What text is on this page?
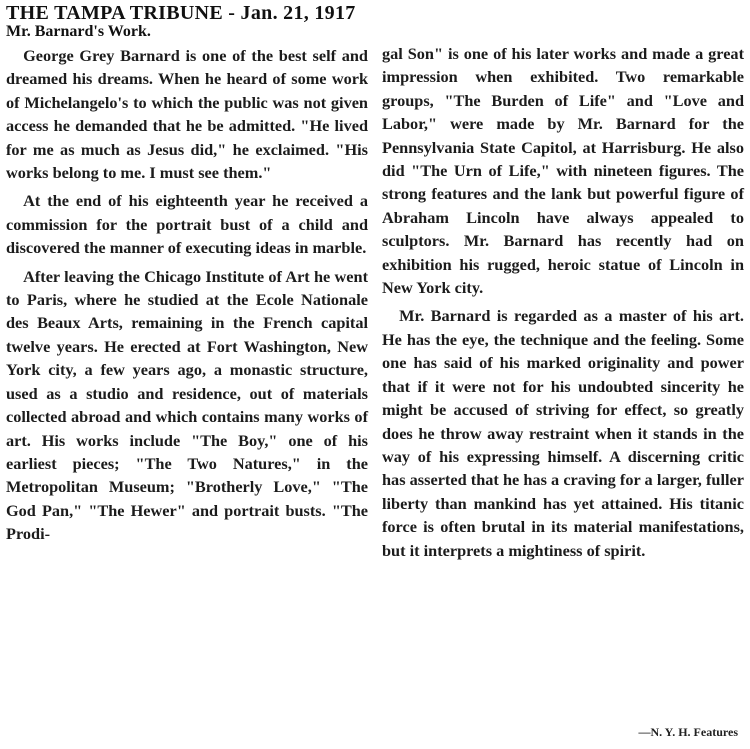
THE TAMPA TRIBUNE - Jan. 21, 1917
Mr. Barnard's Work.

George Grey Barnard is one of the best self and dreamed his dreams. When he heard of some work of Michelangelo's to which the public was not given access he demanded that he be admitted. "He lived for me as much as Jesus did," he exclaimed. "His works belong to me. I must see them."

At the end of his eighteenth year he received a commission for the portrait bust of a child and discovered the manner of executing ideas in marble.

After leaving the Chicago Institute of Art he went to Paris, where he studied at the Ecole Nationale des Beaux Arts, remaining in the French capital twelve years. He erected at Fort Washington, New York city, a few years ago, a monastic structure, used as a studio and residence, out of materials collected abroad and which contains many works of art. His works include "The Boy," one of his earliest pieces; "The Two Natures," in the Metropolitan Museum; "Brotherly Love," "The God Pan," "The Hewer" and portrait busts. "The Prodi-

gal Son" is one of his later works and made a great impression when exhibited. Two remarkable groups, "The Burden of Life" and "Love and Labor," were made by Mr. Barnard for the Pennsylvania State Capitol, at Harrisburg. He also did "The Urn of Life," with nineteen figures. The strong features and the lank but powerful figure of Abraham Lincoln have always appealed to sculptors. Mr. Barnard has recently had on exhibition his rugged, heroic statue of Lincoln in New York city.

Mr. Barnard is regarded as a master of his art. He has the eye, the technique and the feeling. Some one has said of his marked originality and power that if it were not for his undoubted sincerity he might be accused of striving for effect, so greatly does he throw away restraint when it stands in the way of his expressing himself. A discerning critic has asserted that he has a craving for a larger, fuller liberty than mankind has yet attained. His titanic force is often brutal in its material manifestations, but it interprets a mightiness of spirit.

—N. Y. H. Features
